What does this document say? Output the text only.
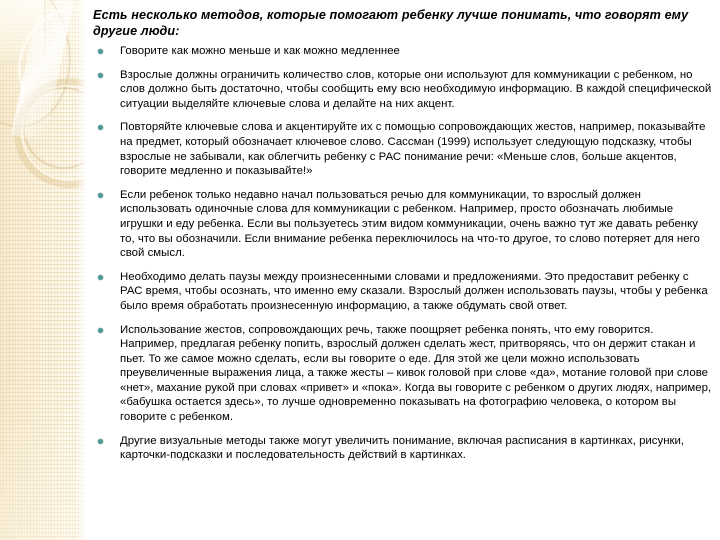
Есть несколько методов, которые помогают ребенку лучше понимать, что говорят ему другие люди:
Говорите как можно меньше и как можно медленнее
Взрослые должны ограничить количество слов, которые они используют для коммуникации с ребенком, но слов должно быть достаточно, чтобы сообщить ему всю необходимую информацию. В каждой специфической ситуации выделяйте ключевые слова и делайте на них акцент.
Повторяйте ключевые слова и акцентируйте их с помощью сопровождающих жестов, например, показывайте на предмет, который обозначает ключевое слово. Сассман (1999) использует следующую подсказку, чтобы взрослые не забывали, как облегчить ребенку с РАС понимание речи: «Меньше слов, больше акцентов, говорите медленно и показывайте!»
Если ребенок только недавно начал пользоваться речью для коммуникации, то взрослый должен использовать одиночные слова для коммуникации с ребенком. Например, просто обозначать любимые игрушки и еду ребенка. Если вы пользуетесь этим видом коммуникации, очень важно тут же давать ребенку то, что вы обозначили. Если внимание ребенка переключилось на что-то другое, то слово потеряет для него свой смысл.
Необходимо делать паузы между произнесенными словами и предложениями. Это предоставит ребенку с РАС время, чтобы осознать, что именно ему сказали. Взрослый должен использовать паузы, чтобы у ребенка было время обработать произнесенную информацию, а также обдумать свой ответ.
Использование жестов, сопровождающих речь, также поощряет ребенка понять, что ему говорится. Например, предлагая ребенку попить, взрослый должен сделать жест, притворяясь, что он держит стакан и пьет. То же самое можно сделать, если вы говорите о еде. Для этой же цели можно использовать преувеличенные выражения лица, а также жесты – кивок головой при слове «да», мотание головой при слове «нет», махание рукой при словах «привет» и «пока». Когда вы говорите с ребенком о других людях, например, «бабушка остается здесь», то лучше одновременно показывать на фотографию человека, о котором вы говорите с ребенком.
Другие визуальные методы также могут увеличить понимание, включая расписания в картинках, рисунки, карточки-подсказки и последовательность действий в картинках.
